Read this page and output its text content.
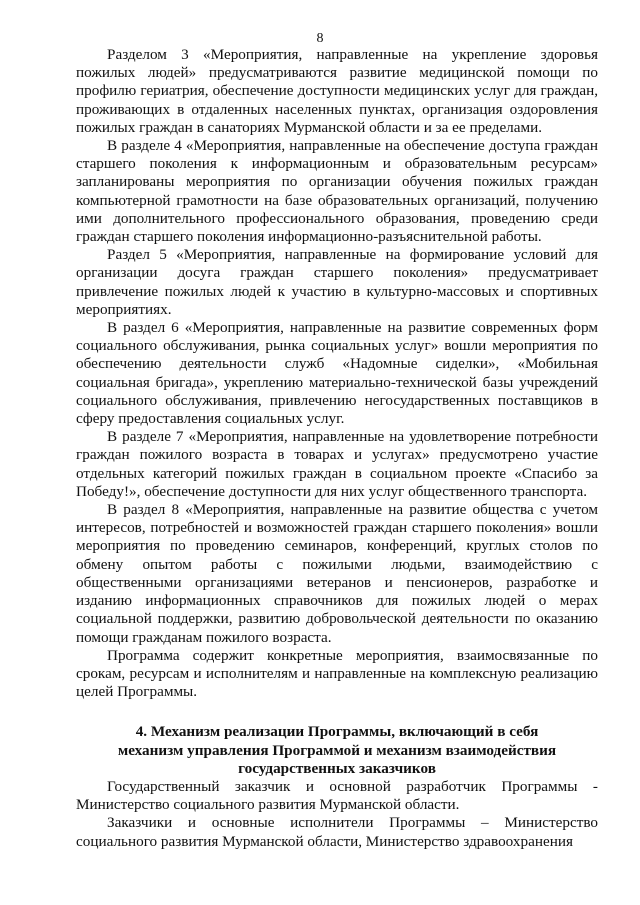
8

Разделом 3 «Мероприятия, направленные на укрепление здоровья пожилых людей» предусматриваются развитие медицинской помощи по профилю гериатрия, обеспечение доступности медицинских услуг для граждан, проживающих в отдаленных населенных пунктах, организация оздоровления пожилых граждан в санаториях Мурманской области и за ее пределами.

В разделе 4 «Мероприятия, направленные на обеспечение доступа граждан старшего поколения к информационным и образовательным ресурсам» запланированы мероприятия по организации обучения пожилых граждан компьютерной грамотности на базе образовательных организаций, получению ими дополнительного профессионального образования, проведению среди граждан старшего поколения информационно-разъяснительной работы.

Раздел 5 «Мероприятия, направленные на формирование условий для организации досуга граждан старшего поколения» предусматривает привлечение пожилых людей к участию в культурно-массовых и спортивных мероприятиях.

В раздел 6 «Мероприятия, направленные на развитие современных форм социального обслуживания, рынка социальных услуг» вошли мероприятия по обеспечению деятельности служб «Надомные сиделки», «Мобильная социальная бригада», укреплению материально-технической базы учреждений социального обслуживания, привлечению негосударственных поставщиков в сферу предоставления социальных услуг.

В разделе 7 «Мероприятия, направленные на удовлетворение потребности граждан пожилого возраста в товарах и услугах» предусмотрено участие отдельных категорий пожилых граждан в социальном проекте «Спасибо за Победу!», обеспечение доступности для них услуг общественного транспорта.

В раздел 8 «Мероприятия, направленные на развитие общества с учетом интересов, потребностей и возможностей граждан старшего поколения» вошли мероприятия по проведению семинаров, конференций, круглых столов по обмену опытом работы с пожилыми людьми, взаимодействию с общественными организациями ветеранов и пенсионеров, разработке и изданию информационных справочников для пожилых людей о мерах социальной поддержки, развитию добровольческой деятельности по оказанию помощи гражданам пожилого возраста.

Программа содержит конкретные мероприятия, взаимосвязанные по срокам, ресурсам и исполнителям и направленные на комплексную реализацию целей Программы.

4. Механизм реализации Программы, включающий в себя
механизм управления Программой и механизм взаимодействия
государственных заказчиков

Государственный заказчик и основной разработчик Программы - Министерство социального развития Мурманской области.

Заказчики и основные исполнители Программы – Министерство социального развития Мурманской области, Министерство здравоохранения
